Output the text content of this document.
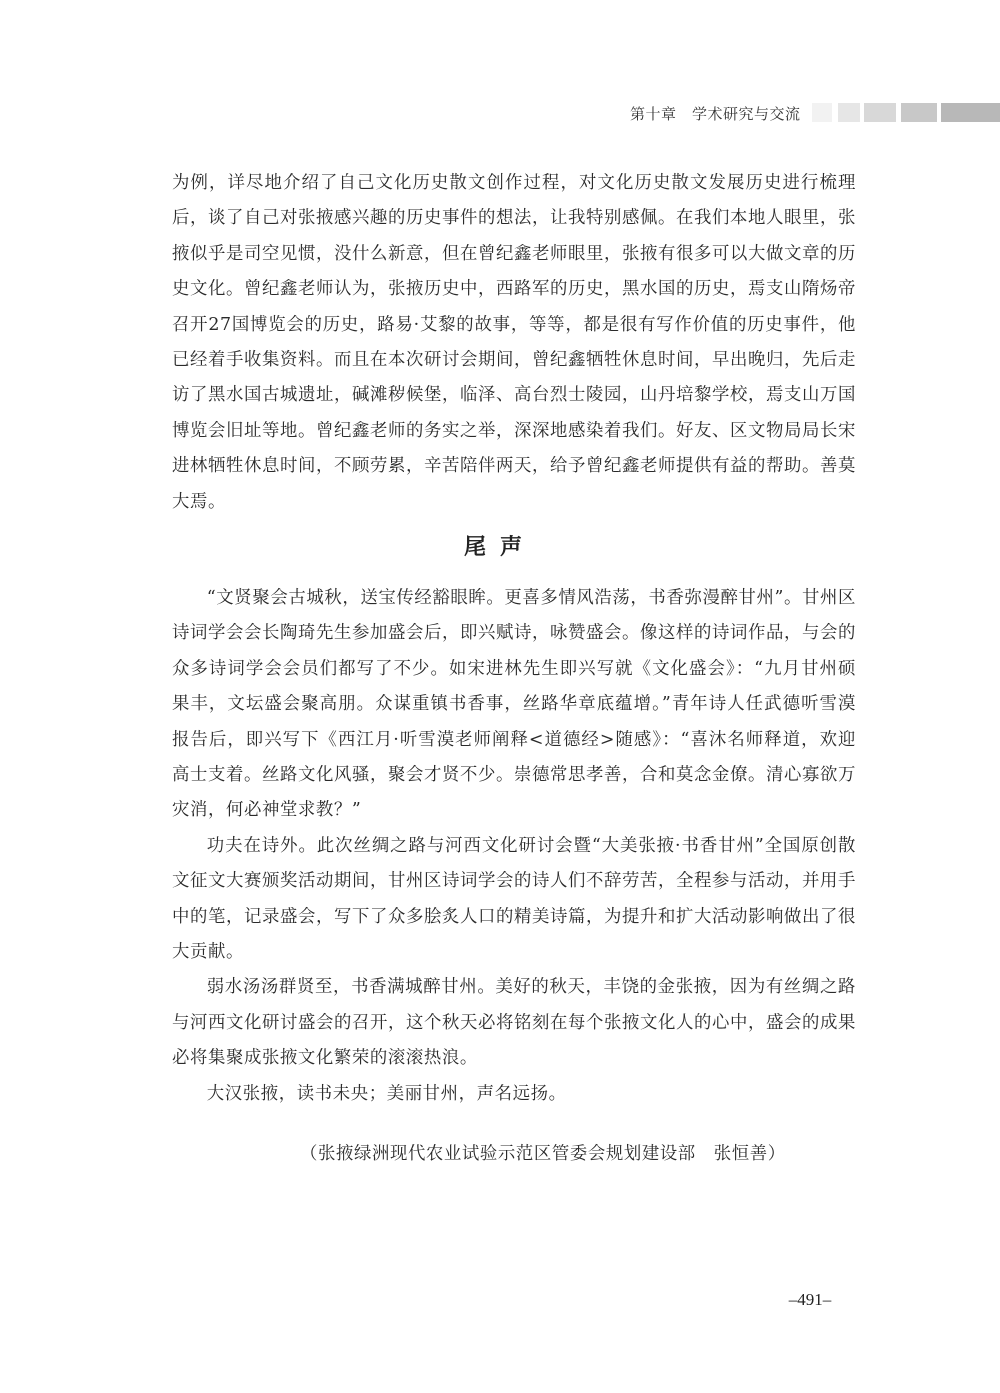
第十章　学术研究与交流
为例，详尽地介绍了自己文化历史散文创作过程，对文化历史散文发展历史进行梳理后，谈了自己对张掖感兴趣的历史事件的想法，让我特别感佩。在我们本地人眼里，张掖似乎是司空见惯，没什么新意，但在曾纪鑫老师眼里，张掖有很多可以大做文章的历史文化。曾纪鑫老师认为，张掖历史中，西路军的历史，黑水国的历史，焉支山隋炀帝召开27国博览会的历史，路易·艾黎的故事，等等，都是很有写作价值的历史事件，他已经着手收集资料。而且在本次研讨会期间，曾纪鑫牺牲休息时间，早出晚归，先后走访了黑水国古城遗址，碱滩秽候堡，临泽、高台烈士陵园，山丹培黎学校，焉支山万国博览会旧址等地。曾纪鑫老师的务实之举，深深地感染着我们。好友、区文物局局长宋进林牺牲休息时间，不顾劳累，辛苦陪伴两天，给予曾纪鑫老师提供有益的帮助。善莫大焉。
尾声

“文贤聚会古城秋，送宝传经豁眼眸。更喜多情风浩荡，书香弥漫醉甘州”。甘州区诗词学会会长陶琦先生参加盛会后，即兴赋诗，咏赞盛会。像这样的诗词作品，与会的众多诗词学会会员们都写了不少。如宋进林先生即兴写就《文化盛会》：“九月甘州硕果丰，文坛盛会聚高朋。众谋重镇书香事，丝路华章底蕴增。”青年诗人任武德听雪漠报告后，即兴写下《西江月·听雪漠老师阐释<道德经>随感》：“喜沐名师释道，欢迎高士支着。丝路文化风骚，聚会才贤不少。崇德常思孝善，合和莫念金僚。清心寡欲万灾消，何必神堂求教？”

功夫在诗外。此次丝绸之路与河西文化研讨会暨“大美张掖·书香甘州”全国原创散文征文大赛颁奖活动期间，甘州区诗词学会的诗人们不辞劳苦，全程参与活动，并用手中的笔，记录盛会，写下了众多脍炙人口的精美诗篇，为提升和扩大活动影响做出了很大贡献。

弱水汤汤群贤至，书香满城醉甘州。美好的秋天，丰饶的金张掖，因为有丝绸之路与河西文化研讨盛会的召开，这个秋天必将铭刻在每个张掖文化人的心中，盛会的成果必将集聚成张掖文化繁荣的滚滚热浪。

大汉张掖，读书未央；美丽甘州，声名远扬。

（张掖绿洲现代农业试验示范区管委会规划建设部　张恒善）
–491–
